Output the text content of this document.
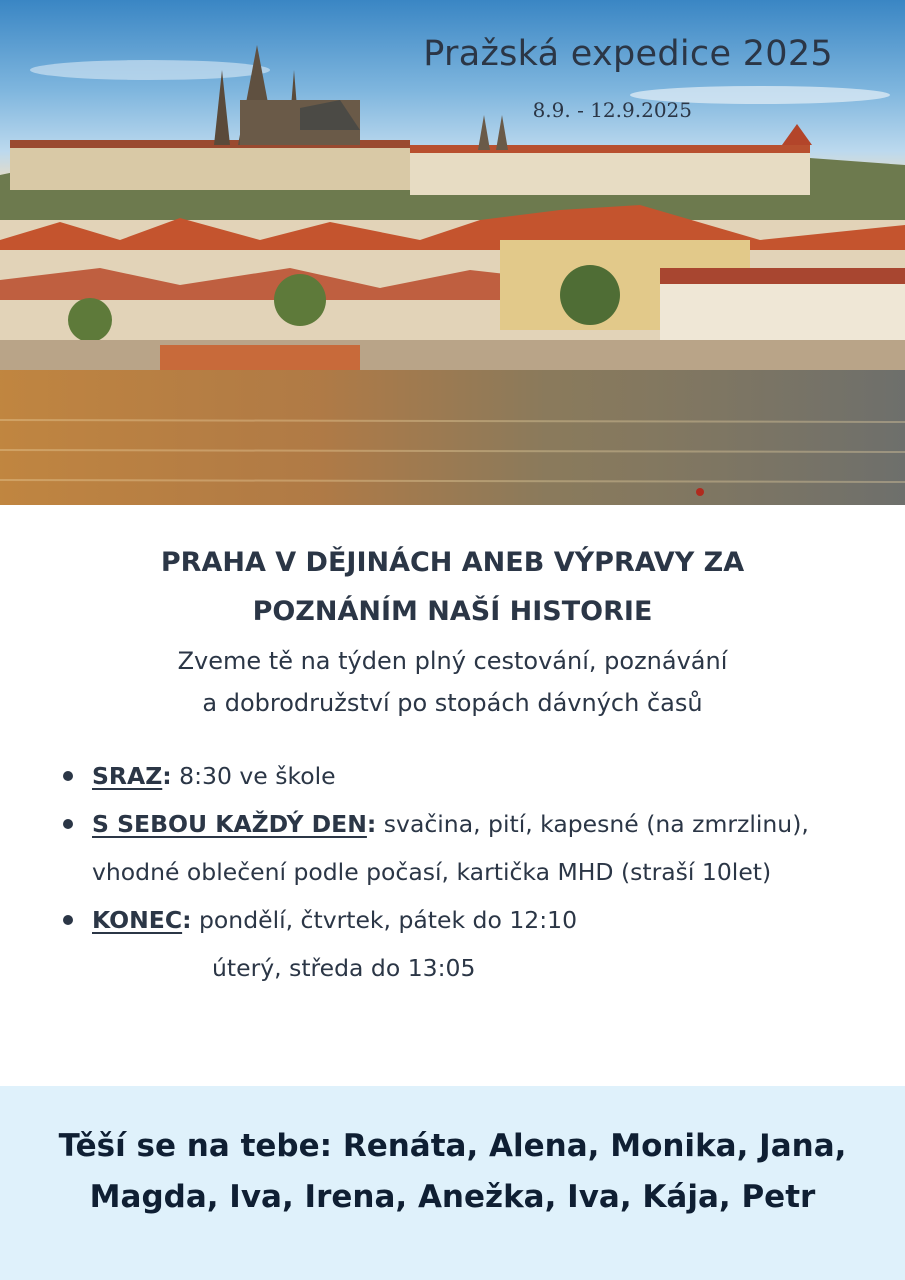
Pražská expedice 2025
8.9. - 12.9.2025
PRAHA V DĚJINÁCH ANEB VÝPRAVY ZA
POZNÁNÍM NAŠÍ HISTORIE
Zveme tě na týden plný cestování, poznávání
a dobrodružství po stopách dávných časů
SRAZ: 8:30 ve škole
S SEBOU KAŽDÝ DEN: svačina, pití, kapesné (na zmrzlinu), vhodné oblečení podle počasí, kartička MHD (straší 10let)
KONEC: pondělí, čtvrtek, pátek do 12:10
úterý, středa do 13:05
Těší se na tebe: Renáta, Alena, Monika, Jana,
Magda, Iva, Irena, Anežka, Iva, Kája, Petr
